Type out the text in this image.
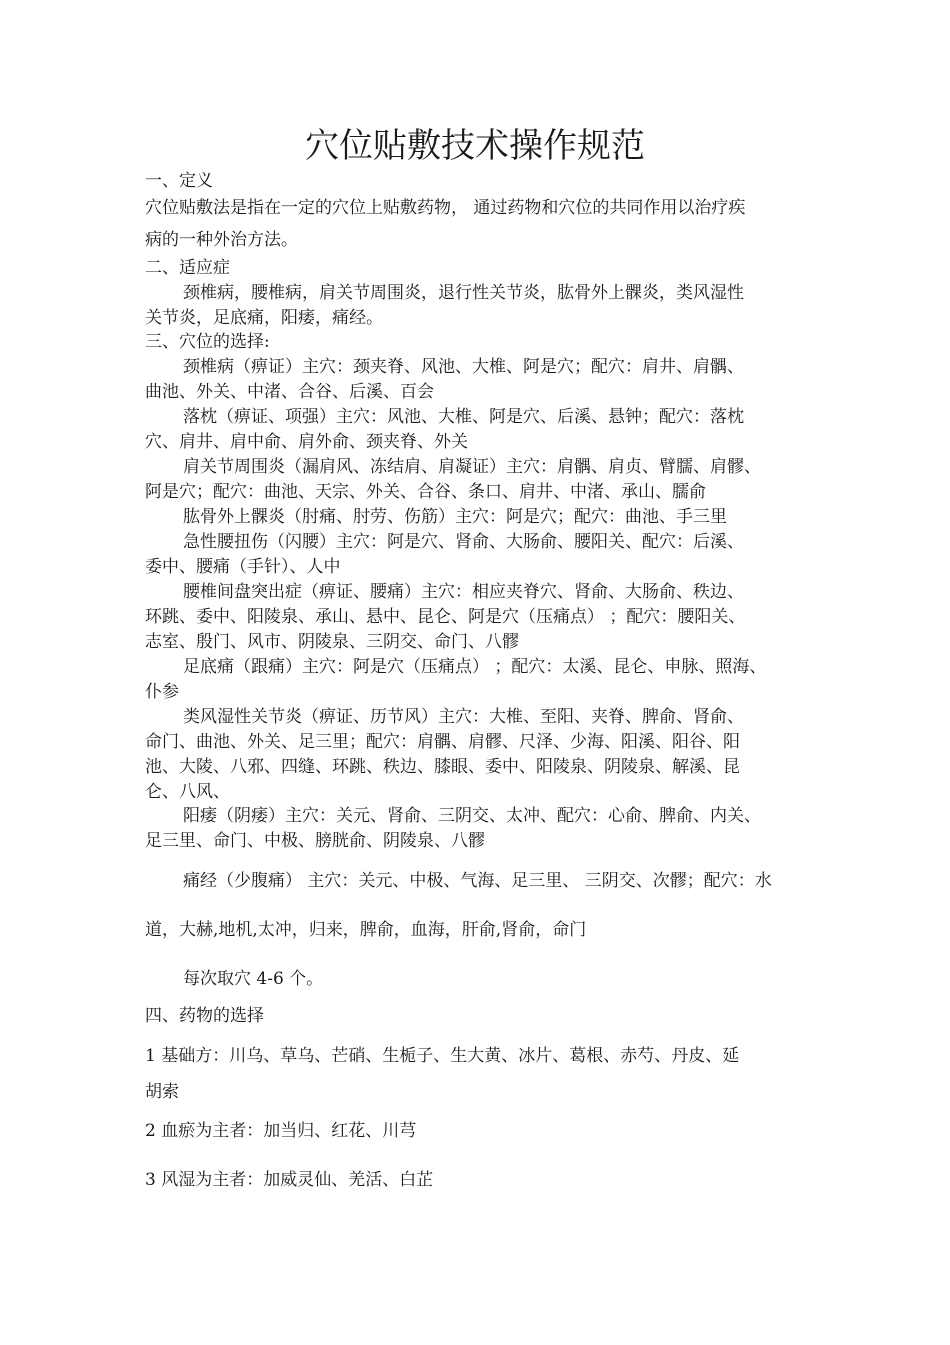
穴位贴敷技术操作规范
一、定义
穴位贴敷法是指在一定的穴位上贴敷药物， 通过药物和穴位的共同作用以治疗疾
病的一种外治方法。
二、适应症
颈椎病，腰椎病，肩关节周围炎，退行性关节炎，肱骨外上髁炎，类风湿性
关节炎，足底痛，阳痿，痛经。
三、穴位的选择:
颈椎病（痹证）主穴：颈夹脊、风池、大椎、阿是穴；配穴：肩井、肩髃、
曲池、外关、中渚、合谷、后溪、百会
落枕（痹证、项强）主穴：风池、大椎、阿是穴、后溪、悬钟；配穴：落枕
穴、肩井、肩中俞、肩外俞、颈夹脊、外关
肩关节周围炎（漏肩风、冻结肩、肩凝证）主穴：肩髃、肩贞、臂臑、肩髎、
阿是穴；配穴：曲池、天宗、外关、合谷、条口、肩井、中渚、承山、臑俞
肱骨外上髁炎（肘痛、肘劳、伤筋）主穴：阿是穴；配穴：曲池、手三里
急性腰扭伤（闪腰）主穴：阿是穴、肾俞、大肠俞、腰阳关、配穴：后溪、
委中、腰痛（手针）、人中
腰椎间盘突出症（痹证、腰痛）主穴：相应夹脊穴、肾俞、大肠俞、秩边、
环跳、委中、阳陵泉、承山、悬中、昆仑、阿是穴（压痛点） ；配穴：腰阳关、
志室、殷门、风市、阴陵泉、三阴交、命门、八髎
足底痛（跟痛）主穴：阿是穴（压痛点） ；配穴：太溪、昆仑、申脉、照海、
仆参
类风湿性关节炎（痹证、历节风）主穴：大椎、至阳、夹脊、脾俞、肾俞、
命门、曲池、外关、足三里；配穴：肩髃、肩髎、尺泽、少海、阳溪、阳谷、阳
池、大陵、八邪、四缝、环跳、秩边、膝眼、委中、阳陵泉、阴陵泉、解溪、昆
仑、八风、
阳痿（阴痿）主穴：关元、肾俞、三阴交、太冲、配穴：心俞、脾俞、内关、
足三里、命门、中极、膀胱俞、阴陵泉、八髎
痛经（少腹痛） 主穴：关元、中极、气海、足三里、 三阴交、次髎；配穴：水
道，大赫,地机,太冲，归来，脾俞，血海，肝俞,肾俞，命门
每次取穴 4-6 个。
四、药物的选择
1 基础方：川乌、草乌、芒硝、生栀子、生大黄、冰片、葛根、赤芍、丹皮、延
胡索
2 血瘀为主者：加当归、红花、川芎
3 风湿为主者：加威灵仙、羌活、白芷
